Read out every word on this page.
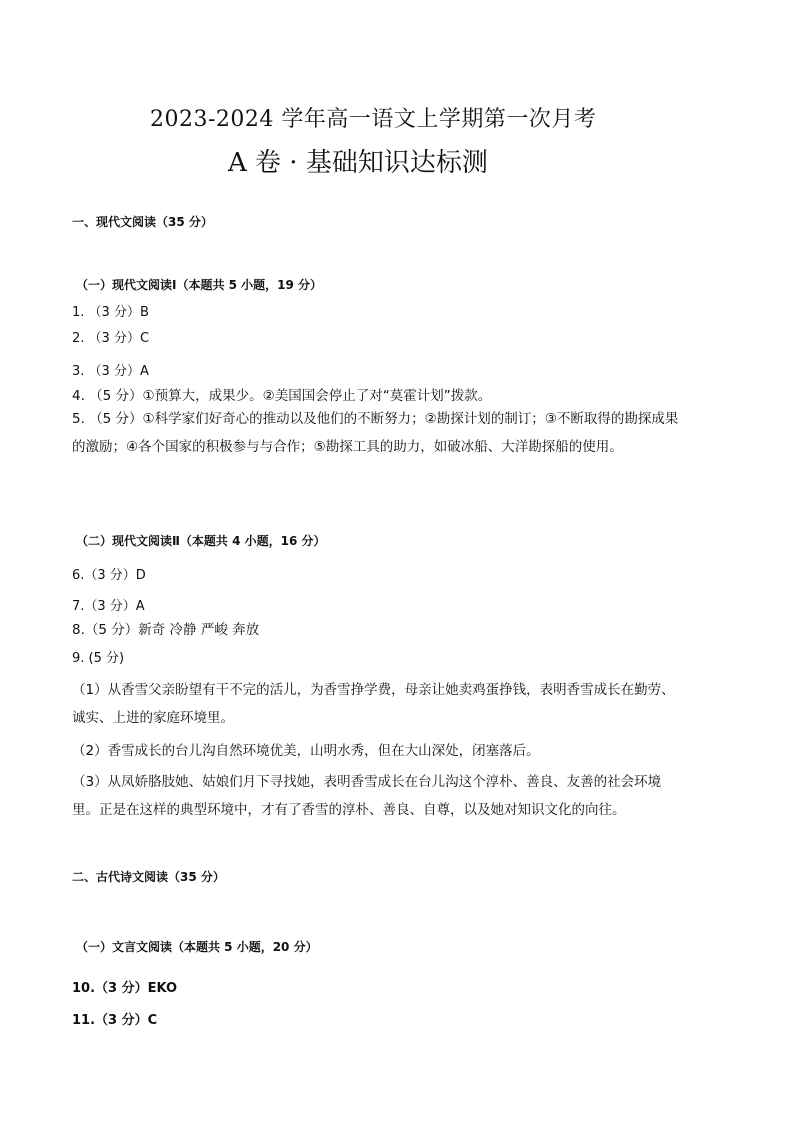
2023-2024 学年高一语文上学期第一次月考
A 卷 · 基础知识达标测
一、现代文阅读（35 分）
（一）现代文阅读Ⅰ（本题共 5 小题，19 分）
1. （3 分）B
2. （3 分）C
3. （3 分）A
4. （5 分）①预算大，成果少。②美国国会停止了对“莫霍计划”拨款。
5. （5 分）①科学家们好奇心的推动以及他们的不断努力；②勘探计划的制订；③不断取得的勘探成果的激励；④各个国家的积极参与与合作；⑤勘探工具的助力，如破冰船、大洋勘探船的使用。
（二）现代文阅读Ⅱ（本题共 4 小题，16 分）
6.（3 分）D
7.（3 分）A
8.（5 分）新奇 冷静 严峻 奔放
9. (5 分)
（1）从香雪父亲盼望有干不完的活儿，为香雪挣学费，母亲让她卖鸡蛋挣钱，表明香雪成长在勤劳、诚实、上进的家庭环境里。
（2）香雪成长的台儿沟自然环境优美，山明水秀，但在大山深处，闭塞落后。
（3）从凤娇胳肢她、姑娘们月下寻找她，表明香雪成长在台儿沟这个淳朴、善良、友善的社会环境里。正是在这样的典型环境中，才有了香雪的淳朴、善良、自尊，以及她对知识文化的向往。
二、古代诗文阅读（35 分）
（一）文言文阅读（本题共 5 小题，20 分）
10.（3 分）EKO
11.（3 分）C
